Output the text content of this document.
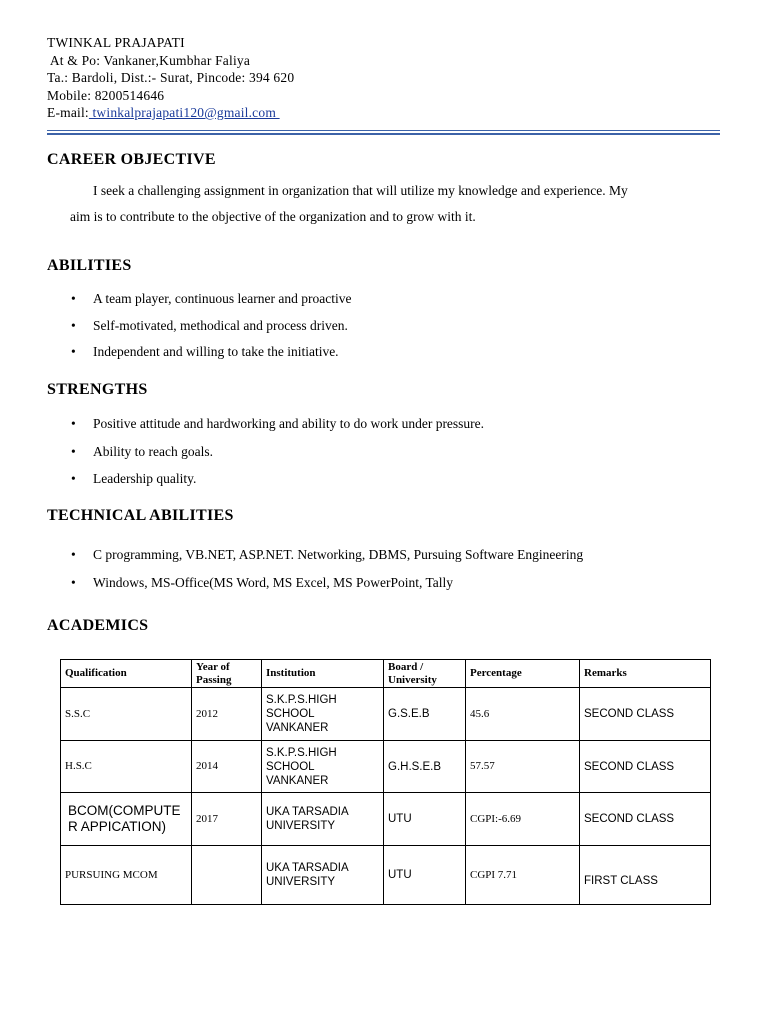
TWINKAL PRAJAPATI
At & Po: Vankaner,Kumbhar Faliya
Ta.: Bardoli, Dist.:- Surat, Pincode: 394 620
Mobile: 8200514646
E-mail: twinkalprajapati120@gmail.com
CAREER OBJECTIVE
I seek a challenging assignment in organization that will utilize my knowledge and experience. My
aim is to contribute to the objective of the organization and to grow with it.
ABILITIES
• A team player, continuous learner and proactive
• Self-motivated, methodical and process driven.
• Independent and willing to take the initiative.
STRENGTHS
• Positive attitude and hardworking and ability to do work under pressure.
• Ability to reach goals.
• Leadership quality.
TECHNICAL ABILITIES
• C programming, VB.NET, ASP.NET. Networking, DBMS, Pursuing Software Engineering
• Windows, MS-Office(MS Word, MS Excel, MS PowerPoint, Tally
ACADEMICS
Qualification	Year of Passing	Institution	Board / University	Percentage	Remarks
S.S.C	2012	S.K.P.S.HIGH SCHOOL VANKANER	G.S.E.B	45.6	SECOND CLASS
H.S.C	2014	S.K.P.S.HIGH SCHOOL VANKANER	G.H.S.E.B	57.57	SECOND CLASS
BCOM(COMPUTER APPICATION)	2017	UKA TARSADIA UNIVERSITY	UTU	CGPI:-6.69	SECOND CLASS
PURSUING MCOM		UKA TARSADIA UNIVERSITY	UTU	CGPI 7.71	FIRST CLASS
